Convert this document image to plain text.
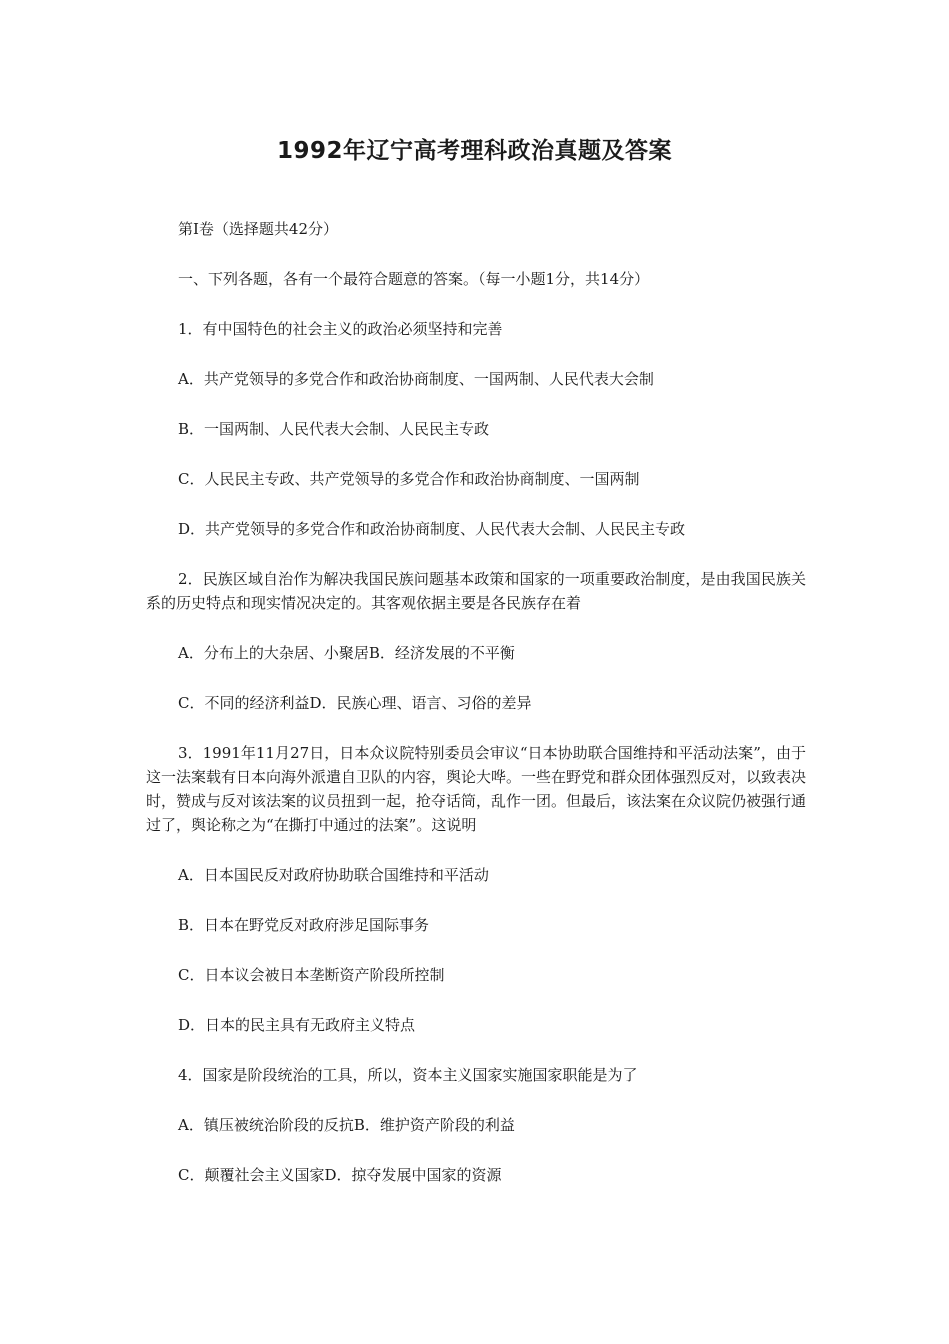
1992年辽宁高考理科政治真题及答案

第I卷（选择题共42分）

一、下列各题，各有一个最符合题意的答案。（每一小题1分，共14分）

1．有中国特色的社会主义的政治必须坚持和完善

A．共产党领导的多党合作和政治协商制度、一国两制、人民代表大会制

B．一国两制、人民代表大会制、人民民主专政

C．人民民主专政、共产党领导的多党合作和政治协商制度、一国两制

D．共产党领导的多党合作和政治协商制度、人民代表大会制、人民民主专政

2．民族区域自治作为解决我国民族问题基本政策和国家的一项重要政治制度，是由我国民族关系的历史特点和现实情况决定的。其客观依据主要是各民族存在着

A．分布上的大杂居、小聚居B．经济发展的不平衡

C．不同的经济利益D．民族心理、语言、习俗的差异

3．1991年11月27日，日本众议院特别委员会审议“日本协助联合国维持和平活动法案”，由于这一法案载有日本向海外派遣自卫队的内容，舆论大哗。一些在野党和群众团体强烈反对，以致表决时，赞成与反对该法案的议员扭到一起，抢夺话筒，乱作一团。但最后，该法案在众议院仍被强行通过了，舆论称之为“在撕打中通过的法案”。这说明

A．日本国民反对政府协助联合国维持和平活动

B．日本在野党反对政府涉足国际事务

C．日本议会被日本垄断资产阶段所控制

D．日本的民主具有无政府主义特点

4．国家是阶段统治的工具，所以，资本主义国家实施国家职能是为了

A．镇压被统治阶段的反抗B．维护资产阶段的利益

C．颠覆社会主义国家D．掠夺发展中国家的资源
